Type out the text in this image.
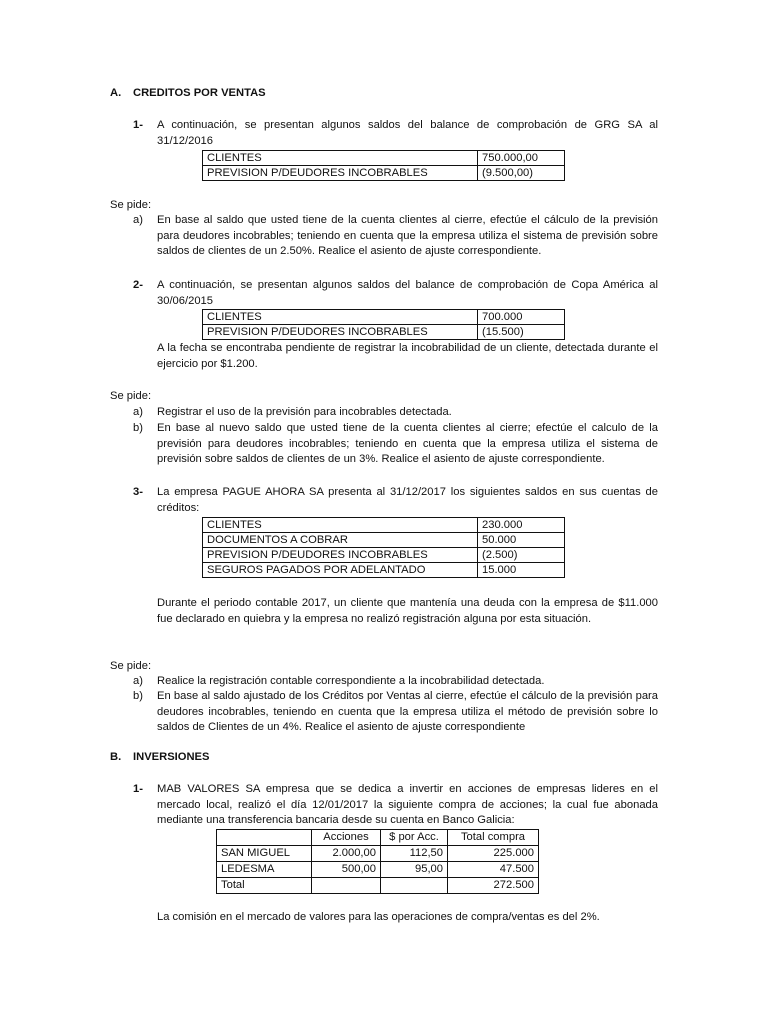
A. CREDITOS POR VENTAS
1- A continuación, se presentan algunos saldos del balance de comprobación de GRG SA al 31/12/2016
CLIENTES	750.000,00
PREVISION P/DEUDORES INCOBRABLES	(9.500,00)
Se pide:
a) En base al saldo que usted tiene de la cuenta clientes al cierre, efectúe el cálculo de la previsión para deudores incobrables; teniendo en cuenta que la empresa utiliza el sistema de previsión sobre saldos de clientes de un 2.50%. Realice el asiento de ajuste correspondiente.
2- A continuación, se presentan algunos saldos del balance de comprobación de Copa América al 30/06/2015
CLIENTES	700.000
PREVISION P/DEUDORES INCOBRABLES	(15.500)
A la fecha se encontraba pendiente de registrar la incobrabilidad de un cliente, detectada durante el ejercicio por $1.200.
Se pide:
a) Registrar el uso de la previsión para incobrables detectada.
b) En base al nuevo saldo que usted tiene de la cuenta clientes al cierre; efectúe el calculo de la previsión para deudores incobrables; teniendo en cuenta que la empresa utiliza el sistema de previsión sobre saldos de clientes de un 3%. Realice el asiento de ajuste correspondiente.
3- La empresa PAGUE AHORA SA presenta al 31/12/2017 los siguientes saldos en sus cuentas de créditos:
CLIENTES	230.000
DOCUMENTOS A COBRAR	50.000
PREVISION P/DEUDORES INCOBRABLES	(2.500)
SEGUROS PAGADOS POR ADELANTADO	15.000
Durante el periodo contable 2017, un cliente que mantenía una deuda con la empresa de $11.000 fue declarado en quiebra y la empresa no realizó registración alguna por esta situación.
Se pide:
a) Realice la registración contable correspondiente a la incobrabilidad detectada.
b) En base al saldo ajustado de los Créditos por Ventas al cierre, efectúe el cálculo de la previsión para deudores incobrables, teniendo en cuenta que la empresa utiliza el método de previsión sobre lo saldos de Clientes de un 4%. Realice el asiento de ajuste correspondiente
B. INVERSIONES
1- MAB VALORES SA empresa que se dedica a invertir en acciones de empresas lideres en el mercado local, realizó el día 12/01/2017 la siguiente compra de acciones; la cual fue abonada mediante una transferencia bancaria desde su cuenta en Banco Galicia:
	Acciones	$ por Acc.	Total compra
SAN MIGUEL	2.000,00	112,50	225.000
LEDESMA	500,00	95,00	47.500
Total			272.500
La comisión en el mercado de valores para las operaciones de compra/ventas es del 2%.
